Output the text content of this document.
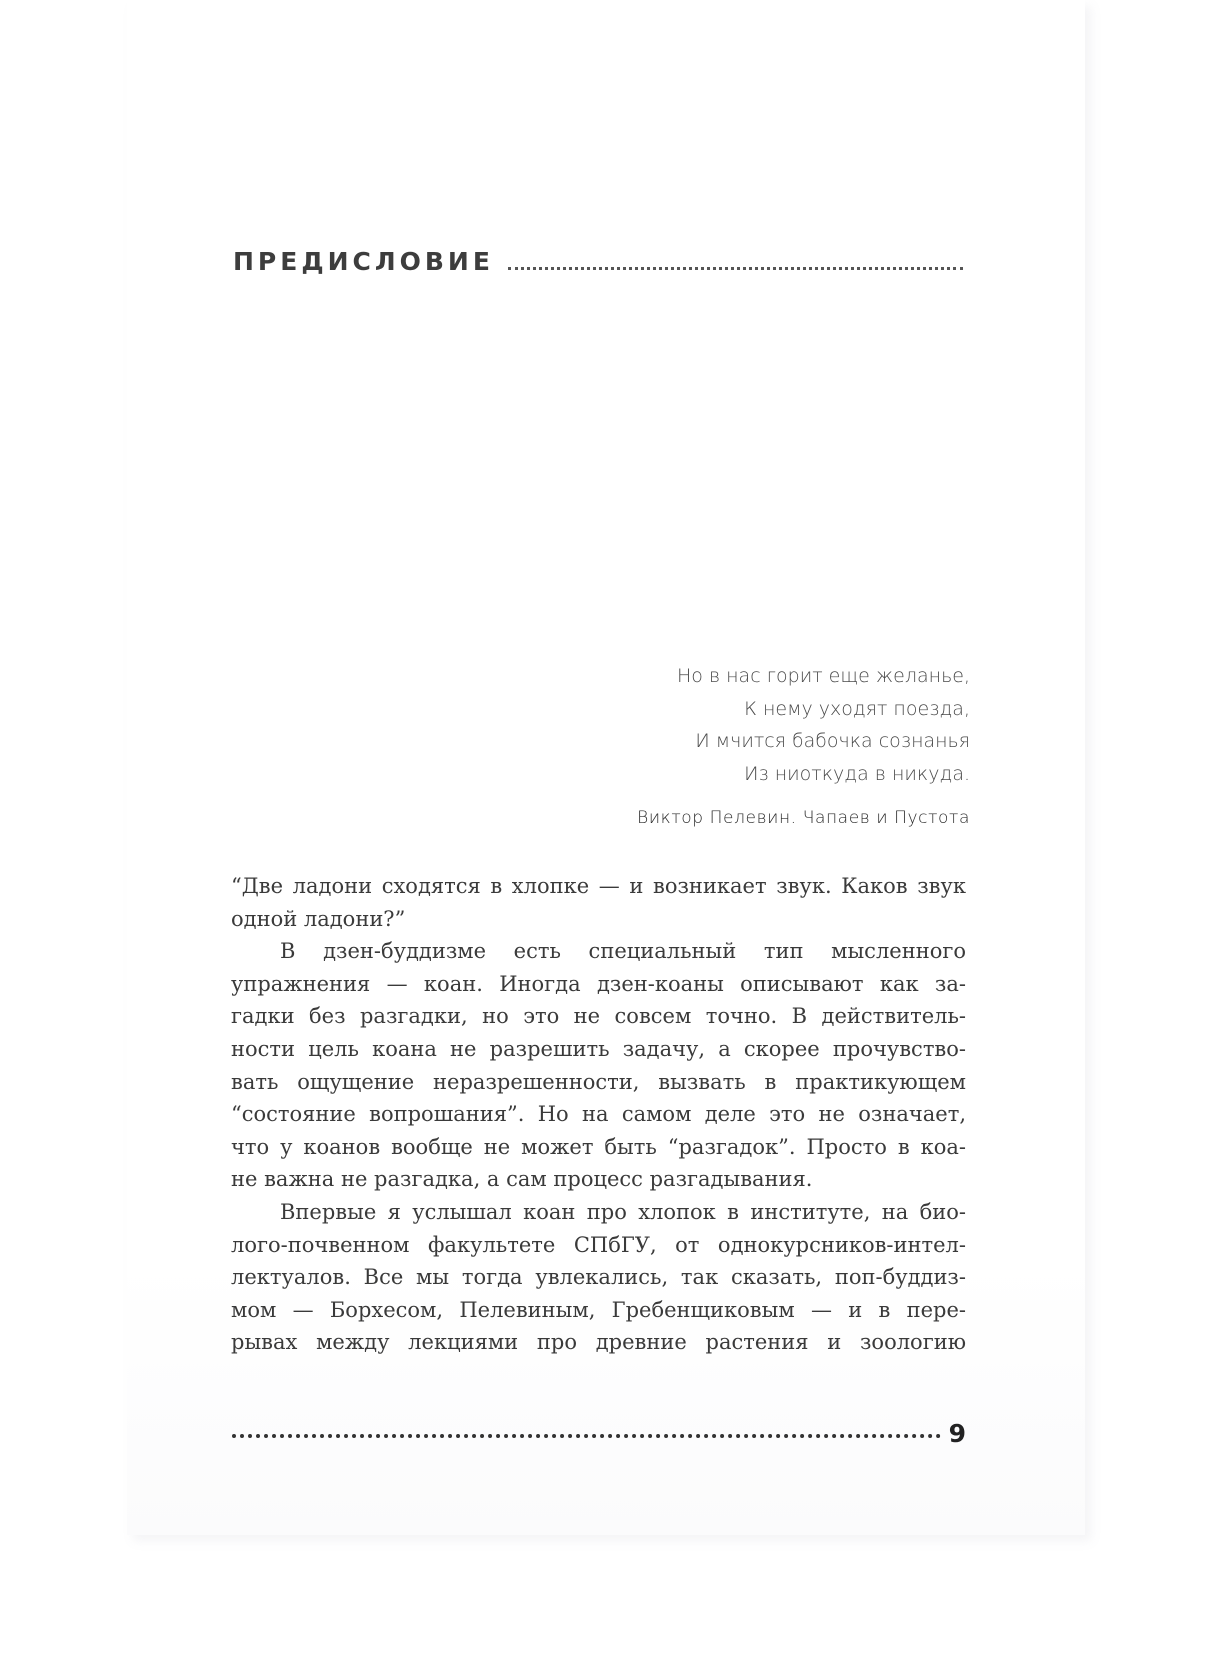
ПРЕДИСЛОВИЕ
Но в нас горит еще желанье,
К нему уходят поезда,
И мчится бабочка сознанья
Из ниоткуда в никуда.
Виктор Пелевин. Чапаев и Пустота
“Две ладони сходятся в хлопке — и возникает звук. Каков звук
одной ладони?”
В дзен-буддизме есть специальный тип мысленного
упражнения — коан. Иногда дзен-коаны описывают как за-
гадки без разгадки, но это не совсем точно. В действитель-
ности цель коана не разрешить задачу, а скорее прочувство-
вать ощущение неразрешенности, вызвать в практикующем
“состояние вопрошания”. Но на самом деле это не означает,
что у коанов вообще не может быть “разгадок”. Просто в коа-
не важна не разгадка, а сам процесс разгадывания.
Впервые я услышал коан про хлопок в институте, на био-
лого-почвенном факультете СПбГУ, от однокурсников-интел-
лектуалов. Все мы тогда увлекались, так сказать, поп-буддиз-
мом — Борхесом, Пелевиным, Гребенщиковым — и в пере-
рывах между лекциями про древние растения и зоологию
9
